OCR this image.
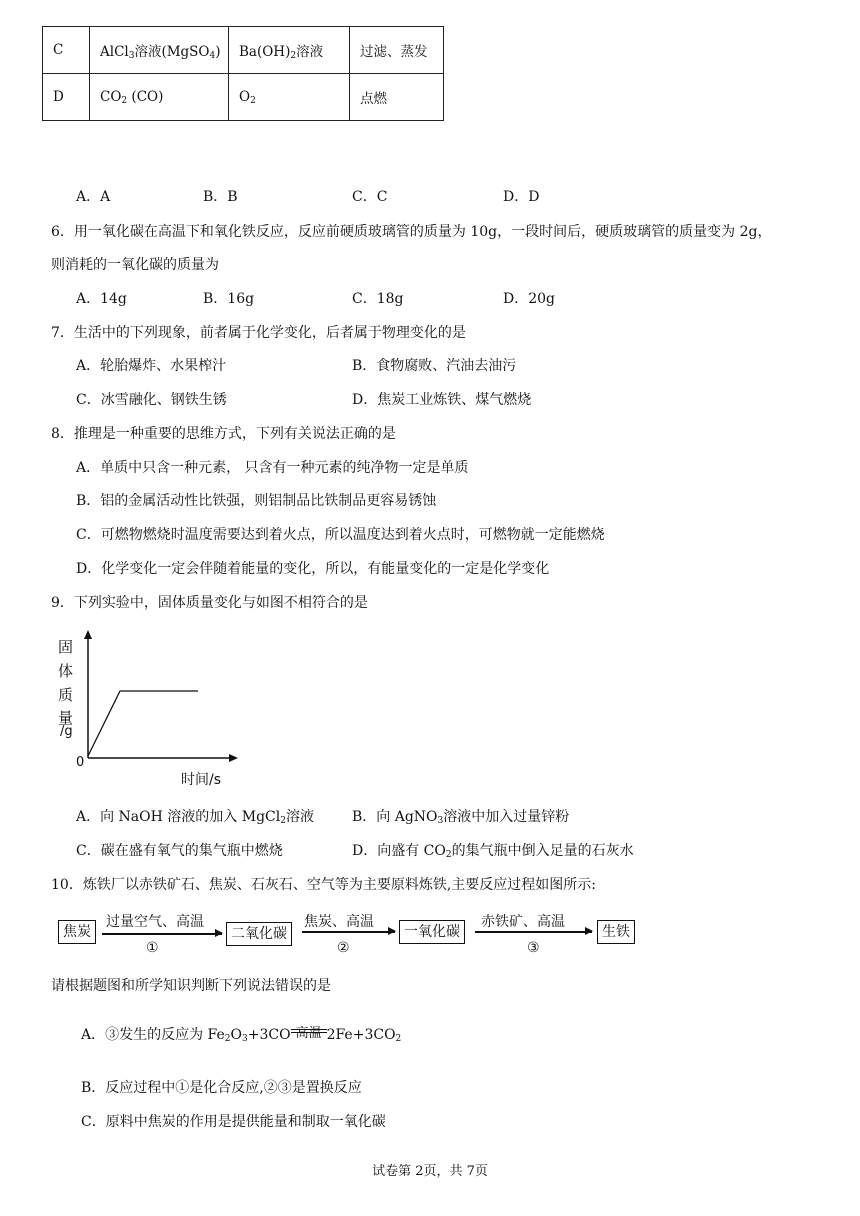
C	AlCl$_3$溶液(MgSO$_4$)	$Ba(OH)_2$溶液	过滤、蒸发
D	$CO_2$ (CO)	$O_2$	点燃
A．A	B．B	C．C	D．D
6．用一氧化碳在高温下和氧化铁反应，反应前硬质玻璃管的质量为 10g，一段时间后，硬质玻璃管的质量变为 2g，
则消耗的一氧化碳的质量为
A．14g	B．16g	C．18g	D．20g
7．生活中的下列现象，前者属于化学变化，后者属于物理变化的是
A．轮胎爆炸、水果榨汁	B．食物腐败、汽油去油污
C．冰雪融化、钢铁生锈	D．焦炭工业炼铁、煤气燃烧
8．推理是一种重要的思维方式，下列有关说法正确的是
A．单质中只含一种元素， 只含有一种元素的纯净物一定是单质
B．铝的金属活动性比铁强，则铝制品比铁制品更容易锈蚀
C．可燃物燃烧时温度需要达到着火点，所以温度达到着火点时，可燃物就一定能燃烧
D．化学变化一定会伴随着能量的变化，所以，有能量变化的一定是化学变化
9．下列实验中，固体质量变化与如图不相符合的是
固
体
质
量
/g
0
时间/s
A．向 NaOH 溶液的加入 MgCl$_2$溶液	B．向 AgNO$_3$溶液中加入过量锌粉
C．碳在盛有氧气的集气瓶中燃烧	D．向盛有 $CO_2$的集气瓶中倒入足量的石灰水
10．炼铁厂以赤铁矿石、焦炭、石灰石、空气等为主要原料炼铁,主要反应过程如图所示:
焦炭
过量空气、高温
①
二氧化碳
焦炭、高温
②
一氧化碳
赤铁矿、高温
③
生铁
请根据题图和所学知识判断下列说法错误的是
A．③发生的反应为 $Fe_2O_3+3CO$ 高温 $2Fe+3CO_2$
B．反应过程中①是化合反应,②③是置换反应
C．原料中焦炭的作用是提供能量和制取一氧化碳
试卷第 2页，共 7页
